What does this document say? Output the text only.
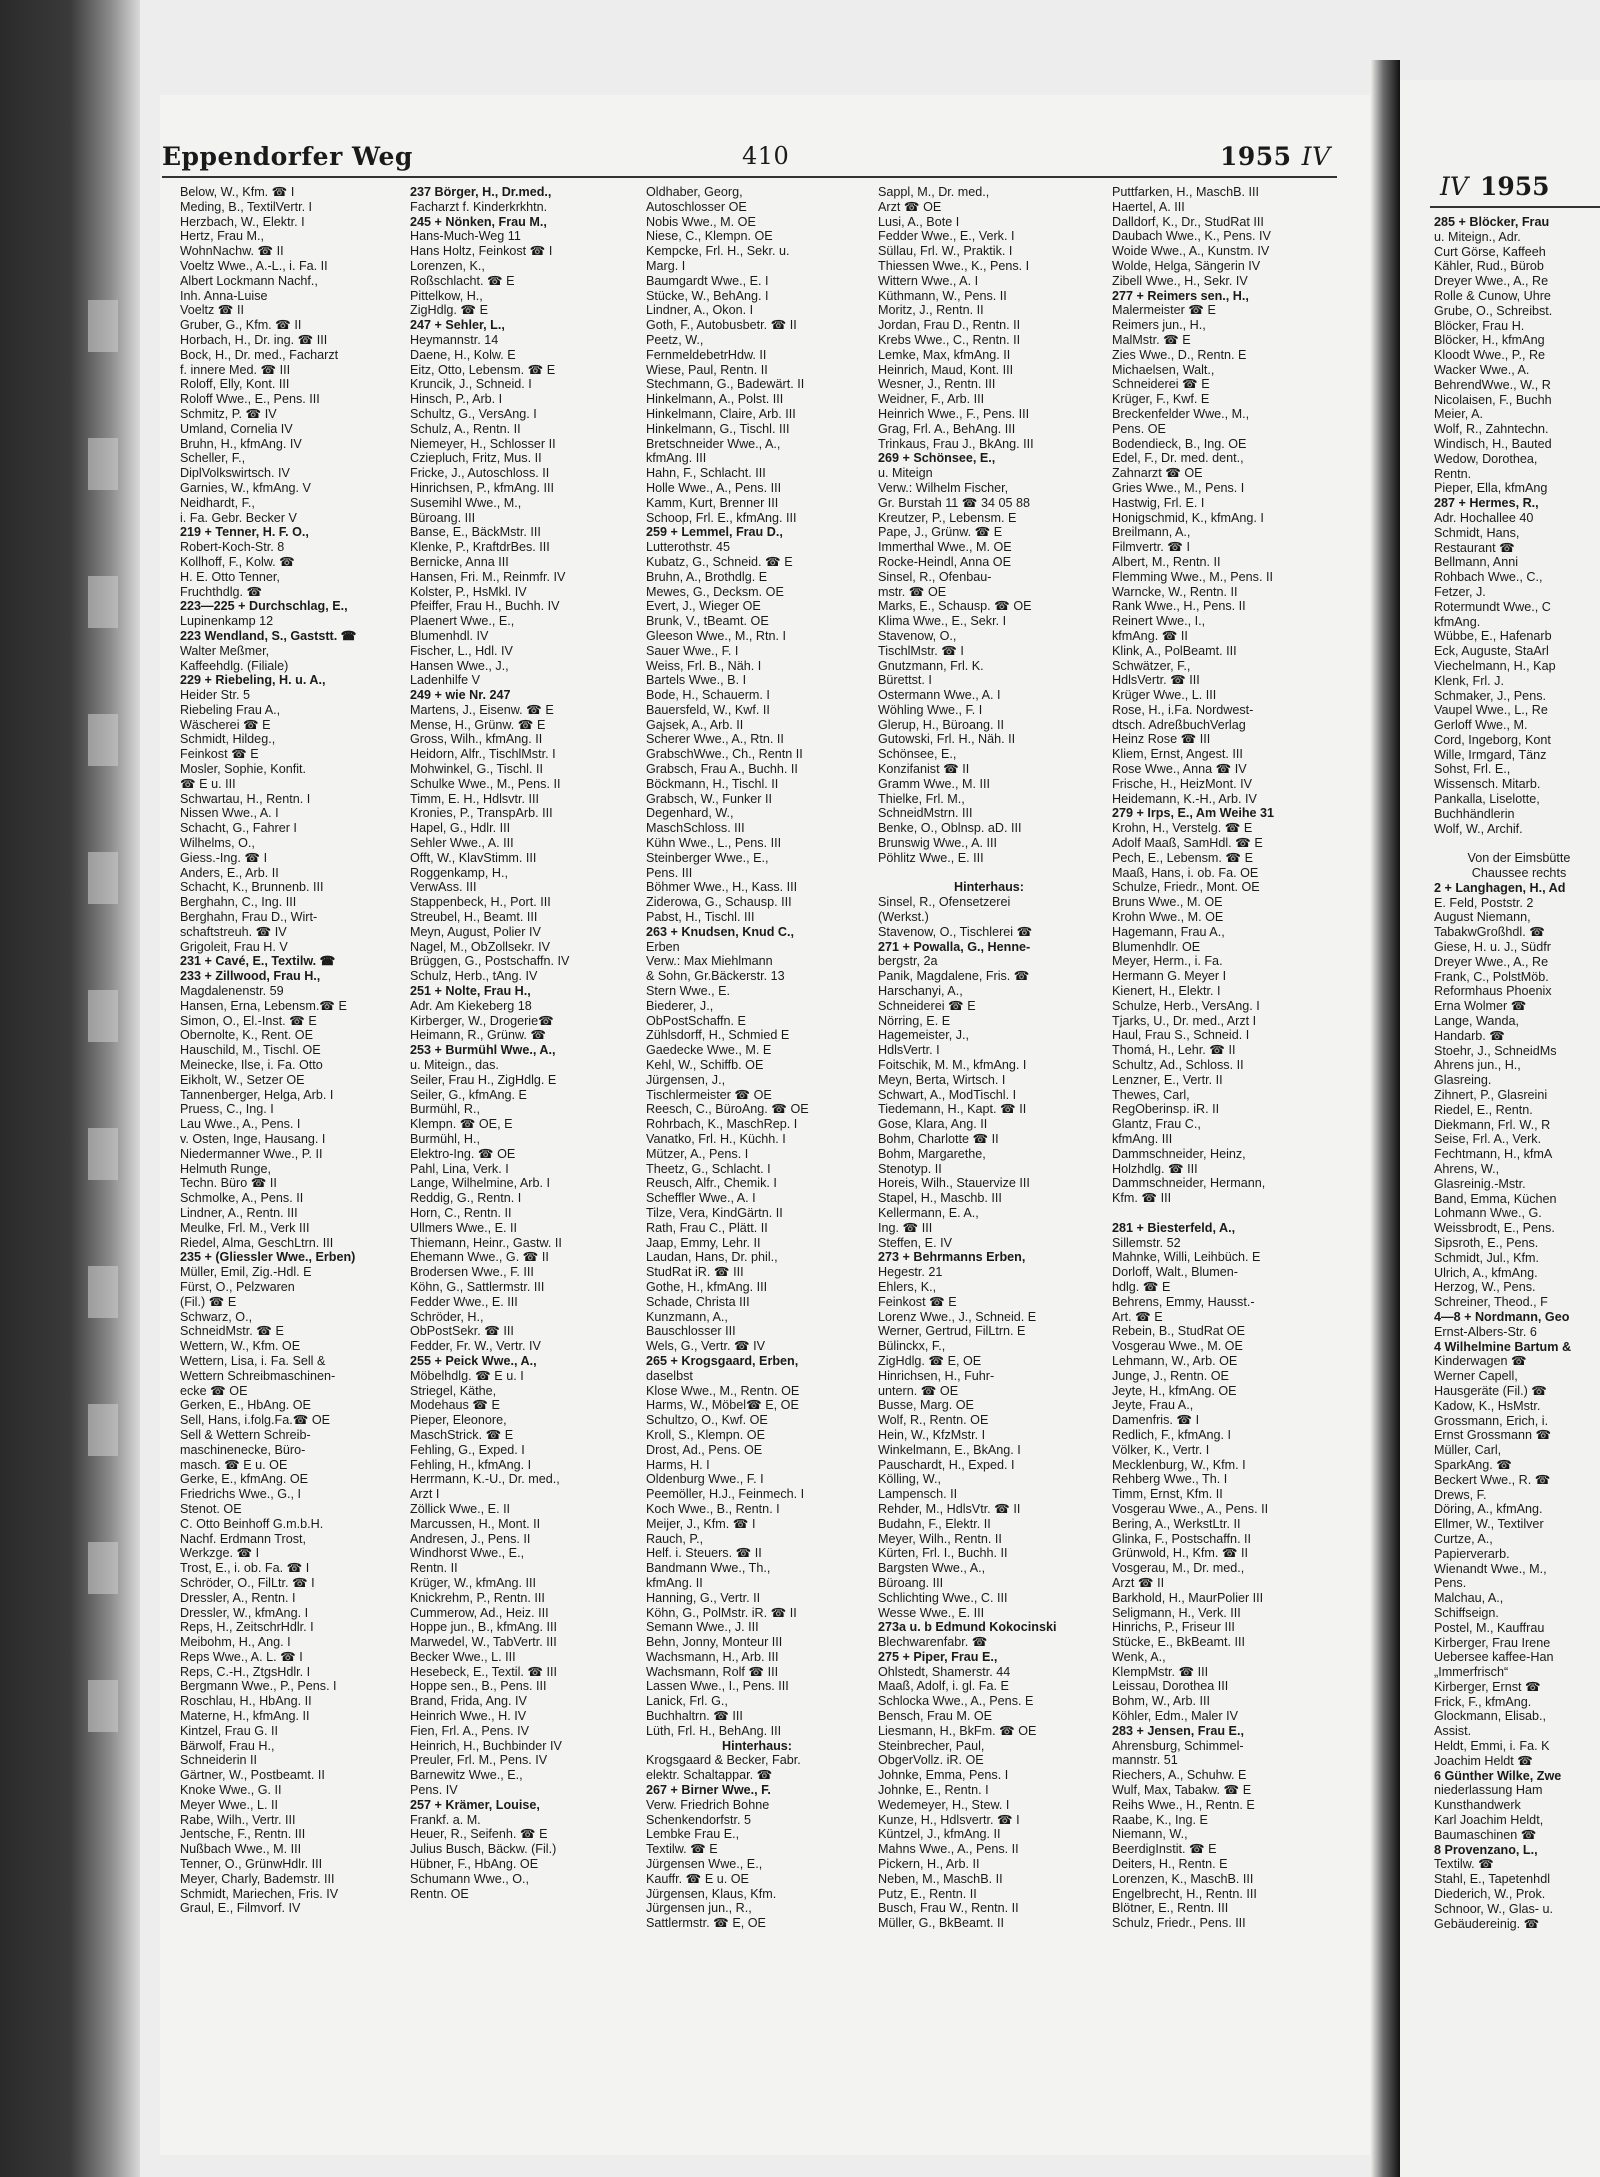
Eppendorfer Weg	410	1955 IV
IV 1955
Below, W., Kfm. ☎ I
Meding, B., TextilVertr. I
Herzbach, W., Elektr. I
Hertz, Frau M.,
WohnNachw. ☎ II
Voeltz Wwe., A.-L., i. Fa. II
Albert Lockmann Nachf.,
Inh. Anna-Luise
Voeltz ☎ II
Gruber, G., Kfm. ☎ II
Horbach, H., Dr. ing. ☎ III
Bock, H., Dr. med., Facharzt
f. innere Med. ☎ III
Roloff, Elly, Kont. III
Roloff Wwe., E., Pens. III
Schmitz, P. ☎ IV
Umland, Cornelia IV
Bruhn, H., kfmAng. IV
Scheller, F.,
DiplVolkswirtsch. IV
Garnies, W., kfmAng. V
Neidhardt, F.,
i. Fa. Gebr. Becker V
219 + Tenner, H. F. O.,
Robert-Koch-Str. 8
Kollhoff, F., Kolw. ☎
H. E. Otto Tenner,
Fruchthdlg. ☎
223—225 + Durchschlag, E.,
Lupinenkamp 12
223 Wendland, S., Gaststt. ☎
Walter Meßmer,
Kaffeehdlg. (Filiale)
229 + Riebeling, H. u. A.,
Heider Str. 5
Riebeling Frau A.,
Wäscherei ☎ E
Schmidt, Hildeg.,
Feinkost ☎ E
Mosler, Sophie, Konfit.
☎ E u. III
Schwartau, H., Rentn. I
Nissen Wwe., A. I
Schacht, G., Fahrer I
Wilhelms, O.,
Giess.-Ing. ☎ I
Anders, E., Arb. II
Schacht, K., Brunnenb. III
Berghahn, C., Ing. III
Berghahn, Frau D., Wirt-
schaftstreuh. ☎ IV
Grigoleit, Frau H. V
231 + Cavé, E., Textilw. ☎
233 + Zillwood, Frau H.,
Magdalenenstr. 59
Hansen, Erna, Lebensm.☎ E
Simon, O., El.-Inst. ☎ E
Obernolte, K., Rent. OE
Hauschild, M., Tischl. OE
Meinecke, Ilse, i. Fa. Otto
Eikholt, W., Setzer OE
Tannenberger, Helga, Arb. I
Pruess, C., Ing. I
Lau Wwe., A., Pens. I
v. Osten, Inge, Hausang. I
Niedermanner Wwe., P. II
Helmuth Runge,
Techn. Büro ☎ II
Schmolke, A., Pens. II
Lindner, A., Rentn. III
Meulke, Frl. M., Verk III
Riedel, Alma, GeschLtrn. III
235 + (Gliessler Wwe., Erben)
Müller, Emil, Zig.-Hdl. E
Fürst, O., Pelzwaren
(Fil.) ☎ E
Schwarz, O.,
SchneidMstr. ☎ E
Wettern, W., Kfm. OE
Wettern, Lisa, i. Fa. Sell &
Wettern Schreibmaschinen-
ecke ☎ OE
Gerken, E., HbAng. OE
Sell, Hans, i.folg.Fa.☎ OE
Sell & Wettern Schreib-
maschinenecke, Büro-
masch. ☎ E u. OE
Gerke, E., kfmAng. OE
Friedrichs Wwe., G., I
Stenot. OE
C. Otto Beinhoff G.m.b.H.
Nachf. Erdmann Trost,
Werkzge. ☎ I
Trost, E., i. ob. Fa. ☎ I
Schröder, O., FilLtr. ☎ I
Dressler, A., Rentn. I
Dressler, W., kfmAng. I
Reps, H., ZeitschrHdlr. I
Meibohm, H., Ang. I
Reps Wwe., A. L. ☎ I
Reps, C.-H., ZtgsHdlr. I
Bergmann Wwe., P., Pens. I
Roschlau, H., HbAng. II
Materne, H., kfmAng. II
Kintzel, Frau G. II
Bärwolf, Frau H.,
Schneiderin II
Gärtner, W., Postbeamt. II
Knoke Wwe., G. II
Meyer Wwe., L. II
Rabe, Wilh., Vertr. III
Jentsche, F., Rentn. III
Nußbach Wwe., M. III
Tenner, O., GrünwHdlr. III
Meyer, Charly, Bademstr. III
Schmidt, Mariechen, Fris. IV
Graul, E., Filmvorf. IV
237 Börger, H., Dr.med.,
Facharzt f. Kinderkrkhtn.
245 + Nönken, Frau M.,
Hans-Much-Weg 11
Hans Holtz, Feinkost ☎ I
Lorenzen, K.,
Roßschlacht. ☎ E
Pittelkow, H.,
ZigHdlg. ☎ E
247 + Sehler, L.,
Heymannstr. 14
Daene, H., Kolw. E
Eitz, Otto, Lebensm. ☎ E
Kruncik, J., Schneid. I
Hinsch, P., Arb. I
Schultz, G., VersAng. I
Schulz, A., Rentn. II
Niemeyer, H., Schlosser II
Cziepluch, Fritz, Mus. II
Fricke, J., Autoschloss. II
Hinrichsen, P., kfmAng. III
Susemihl Wwe., M.,
Büroang. III
Banse, E., BäckMstr. III
Klenke, P., KraftdrBes. III
Bernicke, Anna III
Hansen, Fri. M., Reinmfr. IV
Kolster, P., HsMkl. IV
Pfeiffer, Frau H., Buchh. IV
Plaenert Wwe., E.,
Blumenhdl. IV
Fischer, L., Hdl. IV
Hansen Wwe., J.,
Ladenhilfe V
249 + wie Nr. 247
Martens, J., Eisenw. ☎ E
Mense, H., Grünw. ☎ E
Gross, Wilh., kfmAng. II
Heidorn, Alfr., TischlMstr. I
Mohwinkel, G., Tischl. II
Schulke Wwe., M., Pens. II
Timm, E. H., Hdlsvtr. III
Kronies, P., TranspArb. III
Hapel, G., Hdlr. III
Sehler Wwe., A. III
Offt, W., KlavStimm. III
Roggenkamp, H.,
VerwAss. III
Stappenbeck, H., Port. III
Streubel, H., Beamt. III
Meyn, August, Polier IV
Nagel, M., ObZollsekr. IV
Brüggen, G., Postschaffn. IV
Schulz, Herb., tAng. IV
251 + Nolte, Frau H.,
Adr. Am Kiekeberg 18
Kirberger, W., Drogerie☎
Heimann, R., Grünw. ☎
253 + Burmühl Wwe., A.,
u. Miteign., das.
Seiler, Frau H., ZigHdlg. E
Seiler, G., kfmAng. E
Burmühl, R.,
Klempn. ☎ OE, E
Burmühl, H.,
Elektro-Ing. ☎ OE
Pahl, Lina, Verk. I
Lange, Wilhelmine, Arb. I
Reddig, G., Rentn. I
Horn, C., Rentn. II
Ullmers Wwe., E. II
Thiemann, Heinr., Gastw. II
Ehemann Wwe., G. ☎ II
Brodersen Wwe., F. III
Köhn, G., Sattlermstr. III
Fedder Wwe., E. III
Schröder, H.,
ObPostSekr. ☎ III
Fedder, Fr. W., Vertr. IV
255 + Peick Wwe., A.,
Möbelhdlg. ☎ E u. I
Striegel, Käthe,
Modehaus ☎ E
Pieper, Eleonore,
MaschStrick. ☎ E
Fehling, G., Exped. I
Fehling, H., kfmAng. I
Herrmann, K.-U., Dr. med.,
Arzt I
Zöllick Wwe., E. II
Marcussen, H., Mont. II
Andresen, J., Pens. II
Windhorst Wwe., E.,
Rentn. II
Krüger, W., kfmAng. III
Knickrehm, P., Rentn. III
Cummerow, Ad., Heiz. III
Hoppe jun., B., kfmAng. III
Marwedel, W., TabVertr. III
Becker Wwe., L. III
Hesebeck, E., Textil. ☎ III
Hoppe sen., B., Pens. III
Brand, Frida, Ang. IV
Heinrich Wwe., H. IV
Fien, Frl. A., Pens. IV
Heinrich, H., Buchbinder IV
Preuler, Frl. M., Pens. IV
Barnewitz Wwe., E.,
Pens. IV
257 + Krämer, Louise,
Frankf. a. M.
Heuer, R., Seifenh. ☎ E
Julius Busch, Bäckw. (Fil.)
Hübner, F., HbAng. OE
Schumann Wwe., O.,
Rentn. OE
Oldhaber, Georg,
Autoschlosser OE
Nobis Wwe., M. OE
Niese, C., Klempn. OE
Kempcke, Frl. H., Sekr. u.
Marg. I
Baumgardt Wwe., E. I
Stücke, W., BehAng. I
Lindner, A., Okon. I
Goth, F., Autobusbetr. ☎ II
Peetz, W.,
FernmeldebetrHdw. II
Wiese, Paul, Rentn. II
Stechmann, G., Badewärt. II
Hinkelmann, A., Polst. III
Hinkelmann, Claire, Arb. III
Hinkelmann, G., Tischl. III
Bretschneider Wwe., A.,
kfmAng. III
Hahn, F., Schlacht. III
Holle Wwe., A., Pens. III
Kamm, Kurt, Brenner III
Schoop, Frl. E., kfmAng. III
259 + Lemmel, Frau D.,
Lutterothstr. 45
Kubatz, G., Schneid. ☎ E
Bruhn, A., Brothdlg. E
Mewes, G., Decksm. OE
Evert, J., Wieger OE
Brunk, V., tBeamt. OE
Gleeson Wwe., M., Rtn. I
Sauer Wwe., F. I
Weiss, Frl. B., Näh. I
Bartels Wwe., B. I
Bode, H., Schauerm. I
Bauersfeld, W., Kwf. II
Gajsek, A., Arb. II
Scherer Wwe., A., Rtn. II
GrabschWwe., Ch., Rentn II
Grabsch, Frau A., Buchh. II
Böckmann, H., Tischl. II
Grabsch, W., Funker II
Degenhard, W.,
MaschSchloss. III
Kühn Wwe., L., Pens. III
Steinberger Wwe., E.,
Pens. III
Böhmer Wwe., H., Kass. III
Ziderowa, G., Schausp. III
Pabst, H., Tischl. III
263 + Knudsen, Knud C.,
Erben
Verw.: Max Miehlmann
& Sohn, Gr.Bäckerstr. 13
Stern Wwe., E.
Biederer, J.,
ObPostSchaffn. E
Zühlsdorff, H., Schmied E
Gaedecke Wwe., M. E
Kehl, W., Schiffb. OE
Jürgensen, J.,
Tischlermeister ☎ OE
Reesch, C., BüroAng. ☎ OE
Rohrbach, K., MaschRep. I
Vanatko, Frl. H., Küchh. I
Mützer, A., Pens. I
Theetz, G., Schlacht. I
Reusch, Alfr., Chemik. I
Scheffler Wwe., A. I
Tilze, Vera, KindGärtn. II
Rath, Frau C., Plätt. II
Jaap, Emmy, Lehr. II
Laudan, Hans, Dr. phil.,
StudRat iR. ☎ III
Gothe, H., kfmAng. III
Schade, Christa III
Kunzmann, A.,
Bauschlosser III
Wels, G., Vertr. ☎ IV
265 + Krogsgaard, Erben,
daselbst
Klose Wwe., M., Rentn. OE
Harms, W., Möbel☎ E, OE
Schultzo, O., Kwf. OE
Kroll, S., Klempn. OE
Drost, Ad., Pens. OE
Harms, H. I
Oldenburg Wwe., F. I
Peemöller, H.J., Feinmech. I
Koch Wwe., B., Rentn. I
Meijer, J., Kfm. ☎ I
Rauch, P.,
Helf. i. Steuers. ☎ II
Bandmann Wwe., Th.,
kfmAng. II
Hanning, G., Vertr. II
Köhn, G., PolMstr. iR. ☎ II
Semann Wwe., J. III
Behn, Jonny, Monteur III
Wachsmann, H., Arb. III
Wachsmann, Rolf ☎ III
Lassen Wwe., I., Pens. III
Lanick, Frl. G.,
Buchhaltrn. ☎ III
Lüth, Frl. H., BehAng. III
Hinterhaus:
Krogsgaard & Becker, Fabr.
elektr. Schaltappar. ☎
267 + Birner Wwe., F.
Verw. Friedrich Bohne
Schenkendorfstr. 5
Lembke Frau E.,
Textilw. ☎ E
Jürgensen Wwe., E.,
Kauffr. ☎ E u. OE
Jürgensen, Klaus, Kfm.
Jürgensen jun., R.,
Sattlermstr. ☎ E, OE
Sappl, M., Dr. med.,
Arzt ☎ OE
Lusi, A., Bote I
Fedder Wwe., E., Verk. I
Süllau, Frl. W., Praktik. I
Thiessen Wwe., K., Pens. I
Wittern Wwe., A. I
Küthmann, W., Pens. II
Moritz, J., Rentn. II
Jordan, Frau D., Rentn. II
Krebs Wwe., C., Rentn. II
Lemke, Max, kfmAng. II
Heinrich, Maud, Kont. III
Wesner, J., Rentn. III
Weidner, F., Arb. III
Heinrich Wwe., F., Pens. III
Grag, Frl. A., BehAng. III
Trinkaus, Frau J., BkAng. III
269 + Schönsee, E.,
u. Miteign
Verw.: Wilhelm Fischer,
Gr. Burstah 11 ☎ 34 05 88
Kreutzer, P., Lebensm. E
Pape, J., Grünw. ☎ E
Immerthal Wwe., M. OE
Rocke-Heindl, Anna OE
Sinsel, R., Ofenbau-
mstr. ☎ OE
Marks, E., Schausp. ☎ OE
Klima Wwe., E., Sekr. I
Stavenow, O.,
TischlMstr. ☎ I
Gnutzmann, Frl. K.
Bürettst. I
Ostermann Wwe., A. I
Wöhling Wwe., F. I
Glerup, H., Büroang. II
Gutowski, Frl. H., Näh. II
Schönsee, E.,
Konzifanist ☎ II
Gramm Wwe., M. III
Thielke, Frl. M.,
SchneidMstrn. III
Benke, O., Oblnsp. aD. III
Brunswig Wwe., A. III
Pöhlitz Wwe., E. III
Hinterhaus:
Sinsel, R., Ofensetzerei
(Werkst.)
Stavenow, O., Tischlerei ☎
271 + Powalla, G., Henne-
bergstr, 2a
Panik, Magdalene, Fris. ☎
Harschanyi, A.,
Schneiderei ☎ E
Nörring, E. E
Hagemeister, J.,
HdlsVertr. I
Foitschik, M. M., kfmAng. I
Meyn, Berta, Wirtsch. I
Schwart, A., ModTischl. I
Tiedemann, H., Kapt. ☎ II
Gose, Klara, Ang. II
Bohm, Charlotte ☎ II
Bohm, Margarethe,
Stenotyp. II
Horeis, Wilh., Stauervize III
Stapel, H., Maschb. III
Kellermann, E. A.,
Ing. ☎ III
Steffen, E. IV
273 + Behrmanns Erben,
Hegestr. 21
Ehlers, K.,
Feinkost ☎ E
Lorenz Wwe., J., Schneid. E
Werner, Gertrud, FilLtrn. E
Bülinckx, F.,
ZigHdlg. ☎ E, OE
Hinrichsen, H., Fuhr-
untern. ☎ OE
Busse, Marg. OE
Wolf, R., Rentn. OE
Hein, W., KfzMstr. I
Winkelmann, E., BkAng. I
Pauschardt, H., Exped. I
Kölling, W.,
Lampensch. II
Rehder, M., HdlsVtr. ☎ II
Budahn, F., Elektr. II
Meyer, Wilh., Rentn. II
Kürten, Frl. I., Buchh. II
Bargsten Wwe., A.,
Büroang. III
Schlichting Wwe., C. III
Wesse Wwe., E. III
273a u. b Edmund Kokocinski
Blechwarenfabr. ☎
275 + Piper, Frau E.,
Ohlstedt, Shamerstr. 44
Maaß, Adolf, i. gl. Fa. E
Schlocka Wwe., A., Pens. E
Bensch, Frau M. OE
Liesmann, H., BkFm. ☎ OE
Steinbrecher, Paul,
ObgerVollz. iR. OE
Johnke, Emma, Pens. I
Johnke, E., Rentn. I
Wedemeyer, H., Stew. I
Kunze, H., Hdlsvertr. ☎ I
Küntzel, J., kfmAng. II
Mahns Wwe., A., Pens. II
Pickern, H., Arb. II
Neben, M., MaschB. II
Putz, E., Rentn. II
Busch, Frau W., Rentn. II
Müller, G., BkBeamt. II
Puttfarken, H., MaschB. III
Haertel, A. III
Dalldorf, K., Dr., StudRat III
Daubach Wwe., K., Pens. IV
Woide Wwe., A., Kunstm. IV
Wolde, Helga, Sängerin IV
Zibell Wwe., H., Sekr. IV
277 + Reimers sen., H.,
Malermeister ☎ E
Reimers jun., H.,
MalMstr. ☎ E
Zies Wwe., D., Rentn. E
Michaelsen, Walt.,
Schneiderei ☎ E
Krüger, F., Kwf. E
Breckenfelder Wwe., M.,
Pens. OE
Bodendieck, B., Ing. OE
Edel, F., Dr. med. dent.,
Zahnarzt ☎ OE
Gries Wwe., M., Pens. I
Hastwig, Frl. E. I
Honigschmid, K., kfmAng. I
Breilmann, A.,
Filmvertr. ☎ I
Albert, M., Rentn. II
Flemming Wwe., M., Pens. II
Warncke, W., Rentn. II
Rank Wwe., H., Pens. II
Reinert Wwe., I.,
kfmAng. ☎ II
Klink, A., PolBeamt. III
Schwätzer, F.,
HdlsVertr. ☎ III
Krüger Wwe., L. III
Rose, H., i.Fa. Nordwest-
dtsch. AdreßbuchVerlag
Heinz Rose ☎ III
Kliem, Ernst, Angest. III
Rose Wwe., Anna ☎ IV
Frische, H., HeizMont. IV
Heidemann, K.-H., Arb. IV
279 + Irps, E., Am Weihe 31
Krohn, H., Verstelg. ☎ E
Adolf Maaß, SamHdl. ☎ E
Pech, E., Lebensm. ☎ E
Maaß, Hans, i. ob. Fa. OE
Schulze, Friedr., Mont. OE
Bruns Wwe., M. OE
Krohn Wwe., M. OE
Hagemann, Frau A.,
Blumenhdlr. OE
Meyer, Herm., i. Fa.
Hermann G. Meyer I
Kienert, H., Elektr. I
Schulze, Herb., VersAng. I
Tjarks, U., Dr. med., Arzt I
Haul, Frau S., Schneid. I
Thomá, H., Lehr. ☎ II
Schultz, Ad., Schloss. II
Lenzner, E., Vertr. II
Thewes, Carl,
RegOberinsp. iR. II
Glantz, Frau C.,
kfmAng. III
Dammschneider, Heinz,
Holzhdlg. ☎ III
Dammschneider, Hermann,
Kfm. ☎ III
281 + Biesterfeld, A.,
Sillemstr. 52
Mahnke, Willi, Leihbüch. E
Dorloff, Walt., Blumen-
hdlg. ☎ E
Behrens, Emmy, Hausst.-
Art. ☎ E
Rebein, B., StudRat OE
Vosgerau Wwe., M. OE
Lehmann, W., Arb. OE
Junge, J., Rentn. OE
Jeyte, H., kfmAng. OE
Jeyte, Frau A.,
Damenfris. ☎ I
Redlich, F., kfmAng. I
Völker, K., Vertr. I
Mecklenburg, W., Kfm. I
Rehberg Wwe., Th. I
Timm, Ernst, Kfm. II
Vosgerau Wwe., A., Pens. II
Bering, A., WerkstLtr. II
Glinka, F., Postschaffn. II
Grünwold, H., Kfm. ☎ II
Vosgerau, M., Dr. med.,
Arzt ☎ II
Barkhold, H., MaurPolier III
Seligmann, H., Verk. III
Hinrichs, P., Friseur III
Stücke, E., BkBeamt. III
Wenk, A.,
KlempMstr. ☎ III
Leissau, Dorothea III
Bohm, W., Arb. III
Köhler, Edm., Maler IV
283 + Jensen, Frau E.,
Ahrensburg, Schimmel-
mannstr. 51
Riechers, A., Schuhw. E
Wulf, Max, Tabakw. ☎ E
Reihs Wwe., H., Rentn. E
Raabe, K., Ing. E
Niemann, W.,
BeerdigInstit. ☎ E
Deiters, H., Rentn. E
Lorenzen, K., MaschB. III
Engelbrecht, H., Rentn. III
Blötner, E., Rentn. III
Schulz, Friedr., Pens. III
285 + Blöcker, Frau
u. Miteign., Adr.
Curt Görse, Kaffeeh
Kähler, Rud., Bürob
Dreyer Wwe., A., Re
Rolle & Cunow, Uhre
Grube, O., Schreibst.
Blöcker, Frau H.
Blöcker, H., kfmAng
Kloodt Wwe., P., Re
Wacker Wwe., A.
BehrendWwe., W., R
Nicolaisen, F., Buchh
Meier, A.
Wolf, R., Zahntechn.
Windisch, H., Bauted
Wedow, Dorothea,
Rentn.
Pieper, Ella, kfmAng
287 + Hermes, R.,
Adr. Hochallee 40
Schmidt, Hans,
Restaurant ☎
Bellmann, Anni
Rohbach Wwe., C.,
Fetzer, J.
Rotermundt Wwe., C
kfmAng.
Wübbe, E., Hafenarb
Eck, Auguste, StaArl
Viechelmann, H., Kap
Klenk, Frl. J.
Schmaker, J., Pens.
Vaupel Wwe., L., Re
Gerloff Wwe., M.
Cord, Ingeborg, Kont
Wille, Irmgard, Tänz
Sohst, Frl. E.,
Wissensch. Mitarb.
Pankalla, Liselotte,
Buchhändlerin
Wolf, W., Archif.
Von der Eimsbütte
Chaussee rechts
2 + Langhagen, H., Ad
E. Feld, Poststr. 2
August Niemann,
TabakwGroßhdl. ☎
Giese, H. u. J., Südfr
Dreyer Wwe., A., Re
Frank, C., PolstMöb.
Reformhaus Phoenix
Erna Wolmer ☎
Lange, Wanda,
Handarb. ☎
Stoehr, J., SchneidMs
Ahrens jun., H.,
Glasreing.
Zihnert, P., Glasreini
Riedel, E., Rentn.
Diekmann, Frl. W., R
Seise, Frl. A., Verk.
Fechtmann, H., kfmA
Ahrens, W.,
Glasreinig.-Mstr.
Band, Emma, Küchen
Lohmann Wwe., G.
Weissbrodt, E., Pens.
Sipsroth, E., Pens.
Schmidt, Jul., Kfm.
Ulrich, A., kfmAng.
Herzog, W., Pens.
Schreiner, Theod., F
4—8 + Nordmann, Geo
Ernst-Albers-Str. 6
4 Wilhelmine Bartum &
Kinderwagen ☎
Werner Capell,
Hausgeräte (Fil.) ☎
Kadow, K., HsMstr.
Grossmann, Erich, i.
Ernst Grossmann ☎
Müller, Carl,
SparkAng. ☎
Beckert Wwe., R. ☎
Drews, F.
Döring, A., kfmAng.
Ellmer, W., Textilver
Curtze, A.,
Papierverarb.
Wienandt Wwe., M.,
Pens.
Malchau, A.,
Schiffseign.
Postel, M., Kauffrau
Kirberger, Frau Irene
Uebersee kaffee-Han
„Immerfrisch“
Kirberger, Ernst ☎
Frick, F., kfmAng.
Glockmann, Elisab.,
Assist.
Heldt, Emmi, i. Fa. K
Joachim Heldt ☎
6 Günther Wilke, Zwe
niederlassung Ham
Kunsthandwerk
Karl Joachim Heldt,
Baumaschinen ☎
8 Provenzano, L.,
Textilw. ☎
Stahl, E., Tapetenhdl
Diederich, W., Prok.
Schnoor, W., Glas- u.
Gebäudereinig. ☎
